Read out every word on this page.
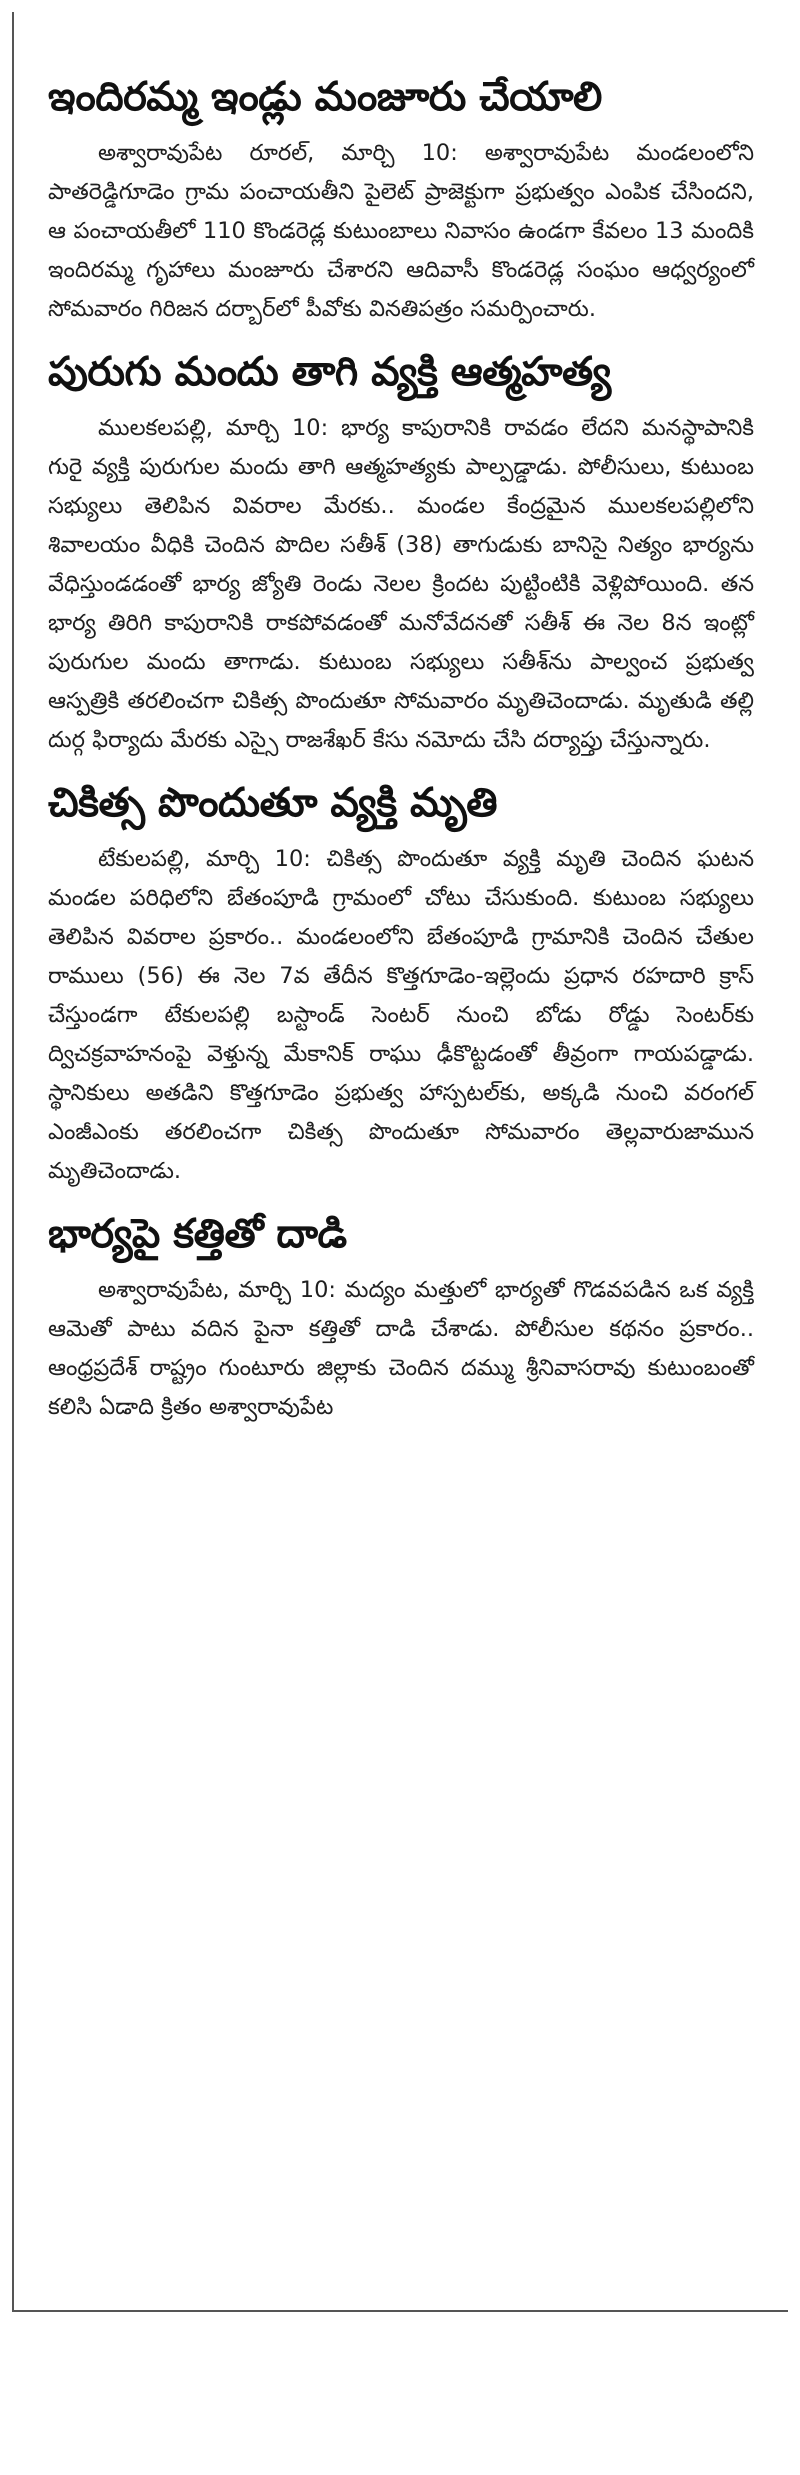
ఇందిరమ్మ ఇండ్లు మంజూరు చేయాలి

అశ్వారావుపేట రూరల్, మార్చి 10: అశ్వారావుపేట మండలంలోని పాతరెడ్డిగూడెం గ్రామ పంచాయతీని పైలెట్ ప్రాజెక్టుగా ప్రభుత్వం ఎంపిక చేసిందని, ఆ పంచాయతీలో 110 కొండరెడ్ల కుటుంబాలు నివాసం ఉండగా కేవలం 13 మందికి ఇందిరమ్మ గృహాలు మంజూరు చేశారని ఆదివాసీ కొండరెడ్ల సంఘం ఆధ్వర్యంలో సోమవారం గిరిజన దర్బార్‌లో పీవోకు వినతిపత్రం సమర్పించారు.

పురుగు మందు తాగి వ్యక్తి ఆత్మహత్య

ములకలపల్లి, మార్చి 10: భార్య కాపురానికి రావడం లేదని మనస్థాపానికి గురై వ్యక్తి పురుగుల మందు తాగి ఆత్మహత్యకు పాల్పడ్డాడు. పోలీసులు, కుటుంబ సభ్యులు తెలిపిన వివరాల మేరకు.. మండల కేంద్రమైన ములకలపల్లిలోని శివాలయం వీధికి చెందిన పొదిల సతీశ్ (38) తాగుడుకు బానిసై నిత్యం భార్యను వేధిస్తుండడంతో భార్య జ్యోతి రెండు నెలల క్రిందట పుట్టింటికి వెళ్లిపోయింది. తన భార్య తిరిగి కాపురానికి రాకపోవడంతో మనోవేదనతో సతీశ్ ఈ నెల 8న ఇంట్లో పురుగుల మందు తాగాడు. కుటుంబ సభ్యులు సతీశ్‌ను పాల్వంచ ప్రభుత్వ ఆస్పత్రికి తరలించగా చికిత్స పొందుతూ సోమవారం మృతిచెందాడు. మృతుడి తల్లి దుర్గ ఫిర్యాదు మేరకు ఎస్సై రాజశేఖర్ కేసు నమోదు చేసి దర్యాప్తు చేస్తున్నారు.

చికిత్స పొందుతూ వ్యక్తి మృతి

టేకులపల్లి, మార్చి 10: చికిత్స పొందుతూ వ్యక్తి మృతి చెందిన ఘటన మండల పరిధిలోని బేతంపూడి గ్రామంలో చోటు చేసుకుంది. కుటుంబ సభ్యులు తెలిపిన వివరాల ప్రకారం.. మండలంలోని బేతంపూడి గ్రామానికి చెందిన చేతుల రాములు (56) ఈ నెల 7వ తేదీన కొత్తగూడెం-ఇల్లెందు ప్రధాన రహదారి క్రాస్ చేస్తుండగా టేకులపల్లి బస్టాండ్ సెంటర్ నుంచి బోడు రోడ్డు సెంటర్‌కు ద్విచక్రవాహనంపై వెళ్తున్న మేకానిక్ రాఘు ఢీకొట్టడంతో తీవ్రంగా గాయపడ్డాడు. స్థానికులు అతడిని కొత్తగూడెం ప్రభుత్వ హాస్పటల్‌కు, అక్కడి నుంచి వరంగల్ ఎంజీఎంకు తరలించగా చికిత్స పొందుతూ సోమవారం తెల్లవారుజామున మృతిచెందాడు.

భార్యపై కత్తితో దాడి

అశ్వారావుపేట, మార్చి 10: మద్యం మత్తులో భార్యతో గొడవపడిన ఒక వ్యక్తి ఆమెతో పాటు వదిన పైనా కత్తితో దాడి చేశాడు. పోలీసుల కథనం ప్రకారం.. ఆంధ్రప్రదేశ్ రాష్ట్రం గుంటూరు జిల్లాకు చెందిన దమ్ము శ్రీనివాసరావు కుటుంబంతో కలిసి ఏడాది క్రితం అశ్వారావుపేట
